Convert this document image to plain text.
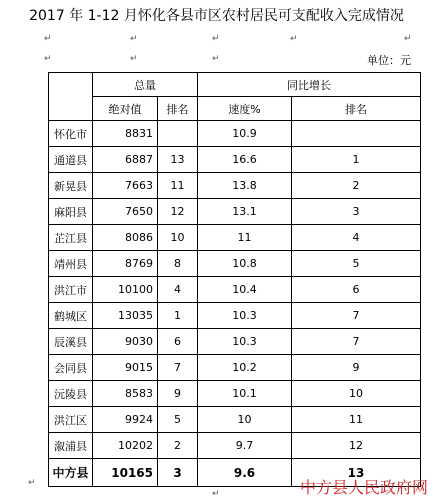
2017 年 1-12 月怀化各县市区农村居民可支配收入完成情况
↵	↵	↵	↵	↵
↵	↵	↵	单位：元
	总量		同比增长	
	绝对值	排名	速度%	排名
怀化市	8831		10.9	
通道县	6887	13	16.6	1
新晃县	7663	11	13.8	2
麻阳县	7650	12	13.1	3
芷江县	8086	10	11	4
靖州县	8769	8	10.8	5
洪江市	10100	4	10.4	6
鹤城区	13035	1	10.3	7
辰溪县	9030	6	10.3	7
会同县	9015	7	10.2	9
沅陵县	8583	9	10.1	10
洪江区	9924	5	10	11
溆浦县	10202	2	9.7	12
中方县	10165	3	9.6	13
↵
↵	中方县人民政府网
